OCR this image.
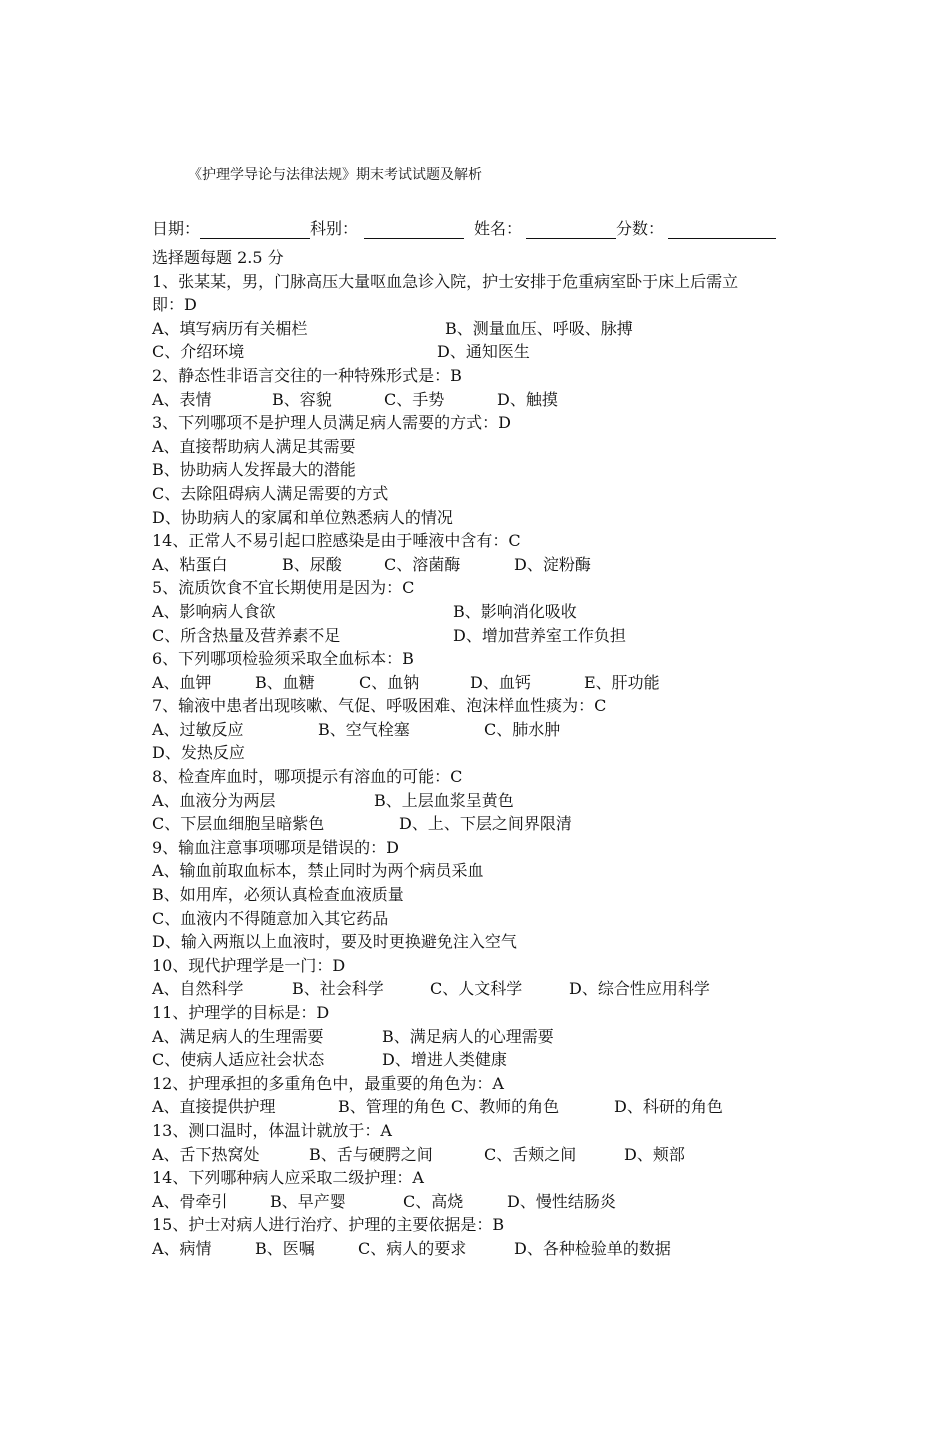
《护理学导论与法律法规》期末考试试题及解析
日期：	科别：	姓名：	分数：
选择题每题 2.5 分
1、张某某，男，门脉高压大量呕血急诊入院，护士安排于危重病室卧于床上后需立
即：D
A、填写病历有关楣栏	B、测量血压、呼吸、脉搏
C、介绍环境	D、通知医生
2、静态性非语言交往的一种特殊形式是：B
A、表情	B、容貌	C、手势	D、触摸
3、下列哪项不是护理人员满足病人需要的方式：D
A、直接帮助病人满足其需要
B、协助病人发挥最大的潜能
C、去除阻碍病人满足需要的方式
D、协助病人的家属和单位熟悉病人的情况
14、正常人不易引起口腔感染是由于唾液中含有：C
A、粘蛋白	B、尿酸	C、溶菌酶	D、淀粉酶
5、流质饮食不宜长期使用是因为：C
A、影响病人食欲	B、影响消化吸收
C、所含热量及营养素不足	D、增加营养室工作负担
6、下列哪项检验须采取全血标本：B
A、血钾	B、血糖	C、血钠	D、血钙	E、肝功能
7、输液中患者出现咳嗽、气促、呼吸困难、泡沫样血性痰为：C
A、过敏反应	B、空气栓塞	C、肺水肿
D、发热反应
8、检查库血时，哪项提示有溶血的可能：C
A、血液分为两层	B、上层血浆呈黄色
C、下层血细胞呈暗紫色	D、上、下层之间界限清
9、输血注意事项哪项是错误的：D
A、输血前取血标本，禁止同时为两个病员采血
B、如用库，必须认真检查血液质量
C、血液内不得随意加入其它药品
D、输入两瓶以上血液时，要及时更换避免注入空气
10、现代护理学是一门：D
A、自然科学	B、社会科学	C、人文科学	D、综合性应用科学
11、护理学的目标是：D
A、满足病人的生理需要	B、满足病人的心理需要
C、使病人适应社会状态	D、增进人类健康
12、护理承担的多重角色中，最重要的角色为：A
A、直接提供护理	B、管理的角色 C、教师的角色	D、科研的角色
13、测口温时，体温计就放于：A
A、舌下热窝处	B、舌与硬腭之间	C、舌颊之间	D、颊部
14、下列哪种病人应采取二级护理：A
A、骨牵引	B、早产婴	C、高烧	D、慢性结肠炎
15、护士对病人进行治疗、护理的主要依据是：B
A、病情	B、医嘱	C、病人的要求	D、各种检验单的数据
